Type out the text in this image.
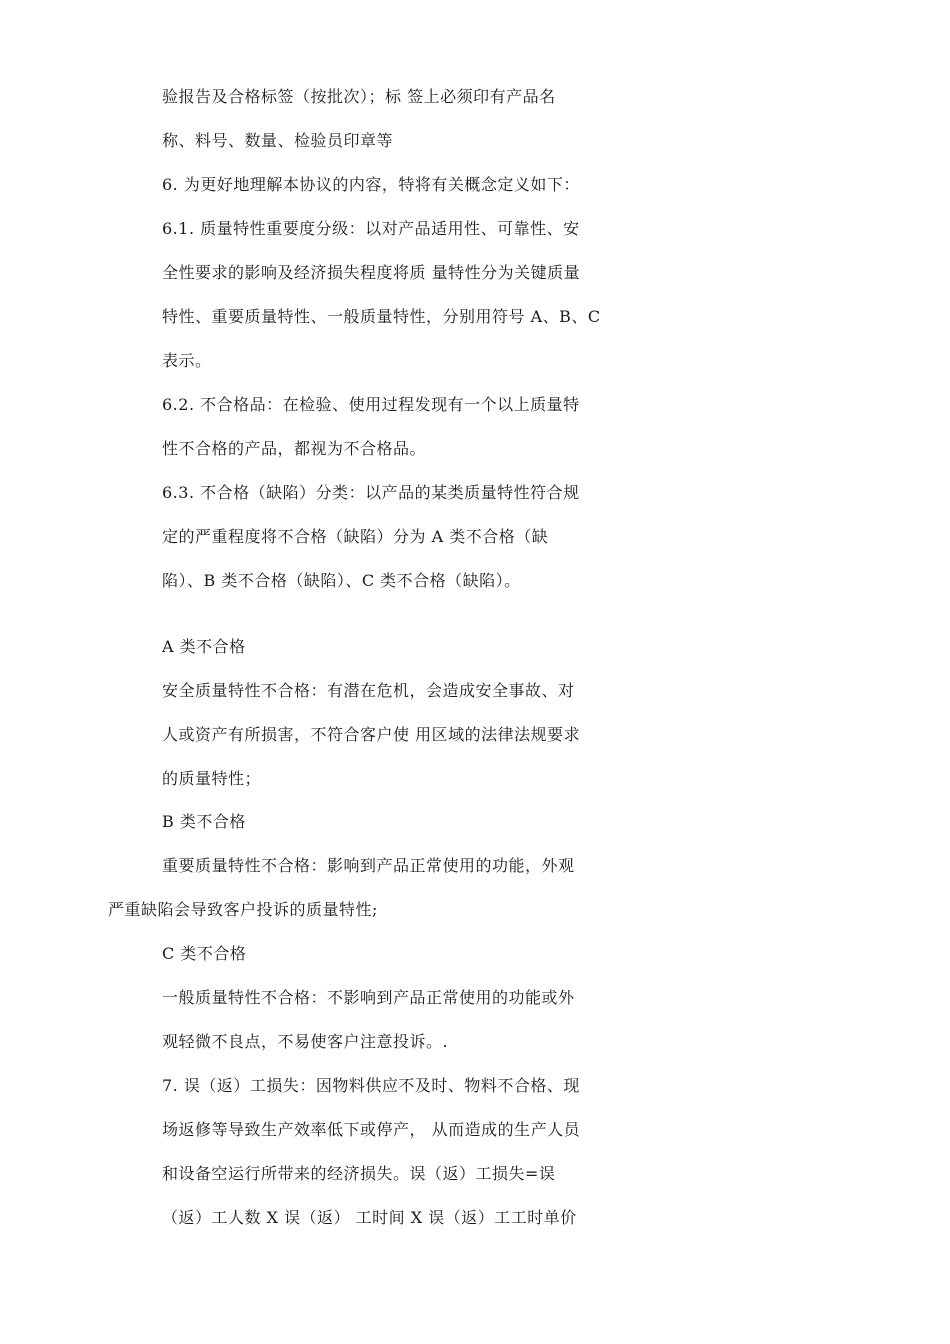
验报告及合格标签（按批次）；标 签上必须印有产品名
称、料号、数量、检验员印章等
6. 为更好地理解本协议的内容，特将有关概念定义如下：
6.1. 质量特性重要度分级：以对产品适用性、可靠性、安
全性要求的影响及经济损失程度将质 量特性分为关键质量
特性、重要质量特性、一般质量特性，分别用符号 A、B、C
表示。
6.2. 不合格品：在检验、使用过程发现有一个以上质量特
性不合格的产品，都视为不合格品。
6.3. 不合格（缺陷）分类：以产品的某类质量特性符合规
定的严重程度将不合格（缺陷）分为 A 类不合格（缺
陷）、B 类不合格（缺陷）、C 类不合格（缺陷）。
A 类不合格
安全质量特性不合格：有潜在危机，会造成安全事故、对
人或资产有所损害，不符合客户使 用区域的法律法规要求
的质量特性；
B 类不合格
重要质量特性不合格：影响到产品正常使用的功能，外观
严重缺陷会导致客户投诉的质量特性;
C 类不合格
一般质量特性不合格：不影响到产品正常使用的功能或外
观轻微不良点，不易使客户注意投诉。.
7. 误（返）工损失：因物料供应不及时、物料不合格、现
场返修等导致生产效率低下或停产， 从而造成的生产人员
和设备空运行所带来的经济损失。误（返）工损失=误
（返）工人数 X 误（返） 工时间 X 误（返）工工时单价
